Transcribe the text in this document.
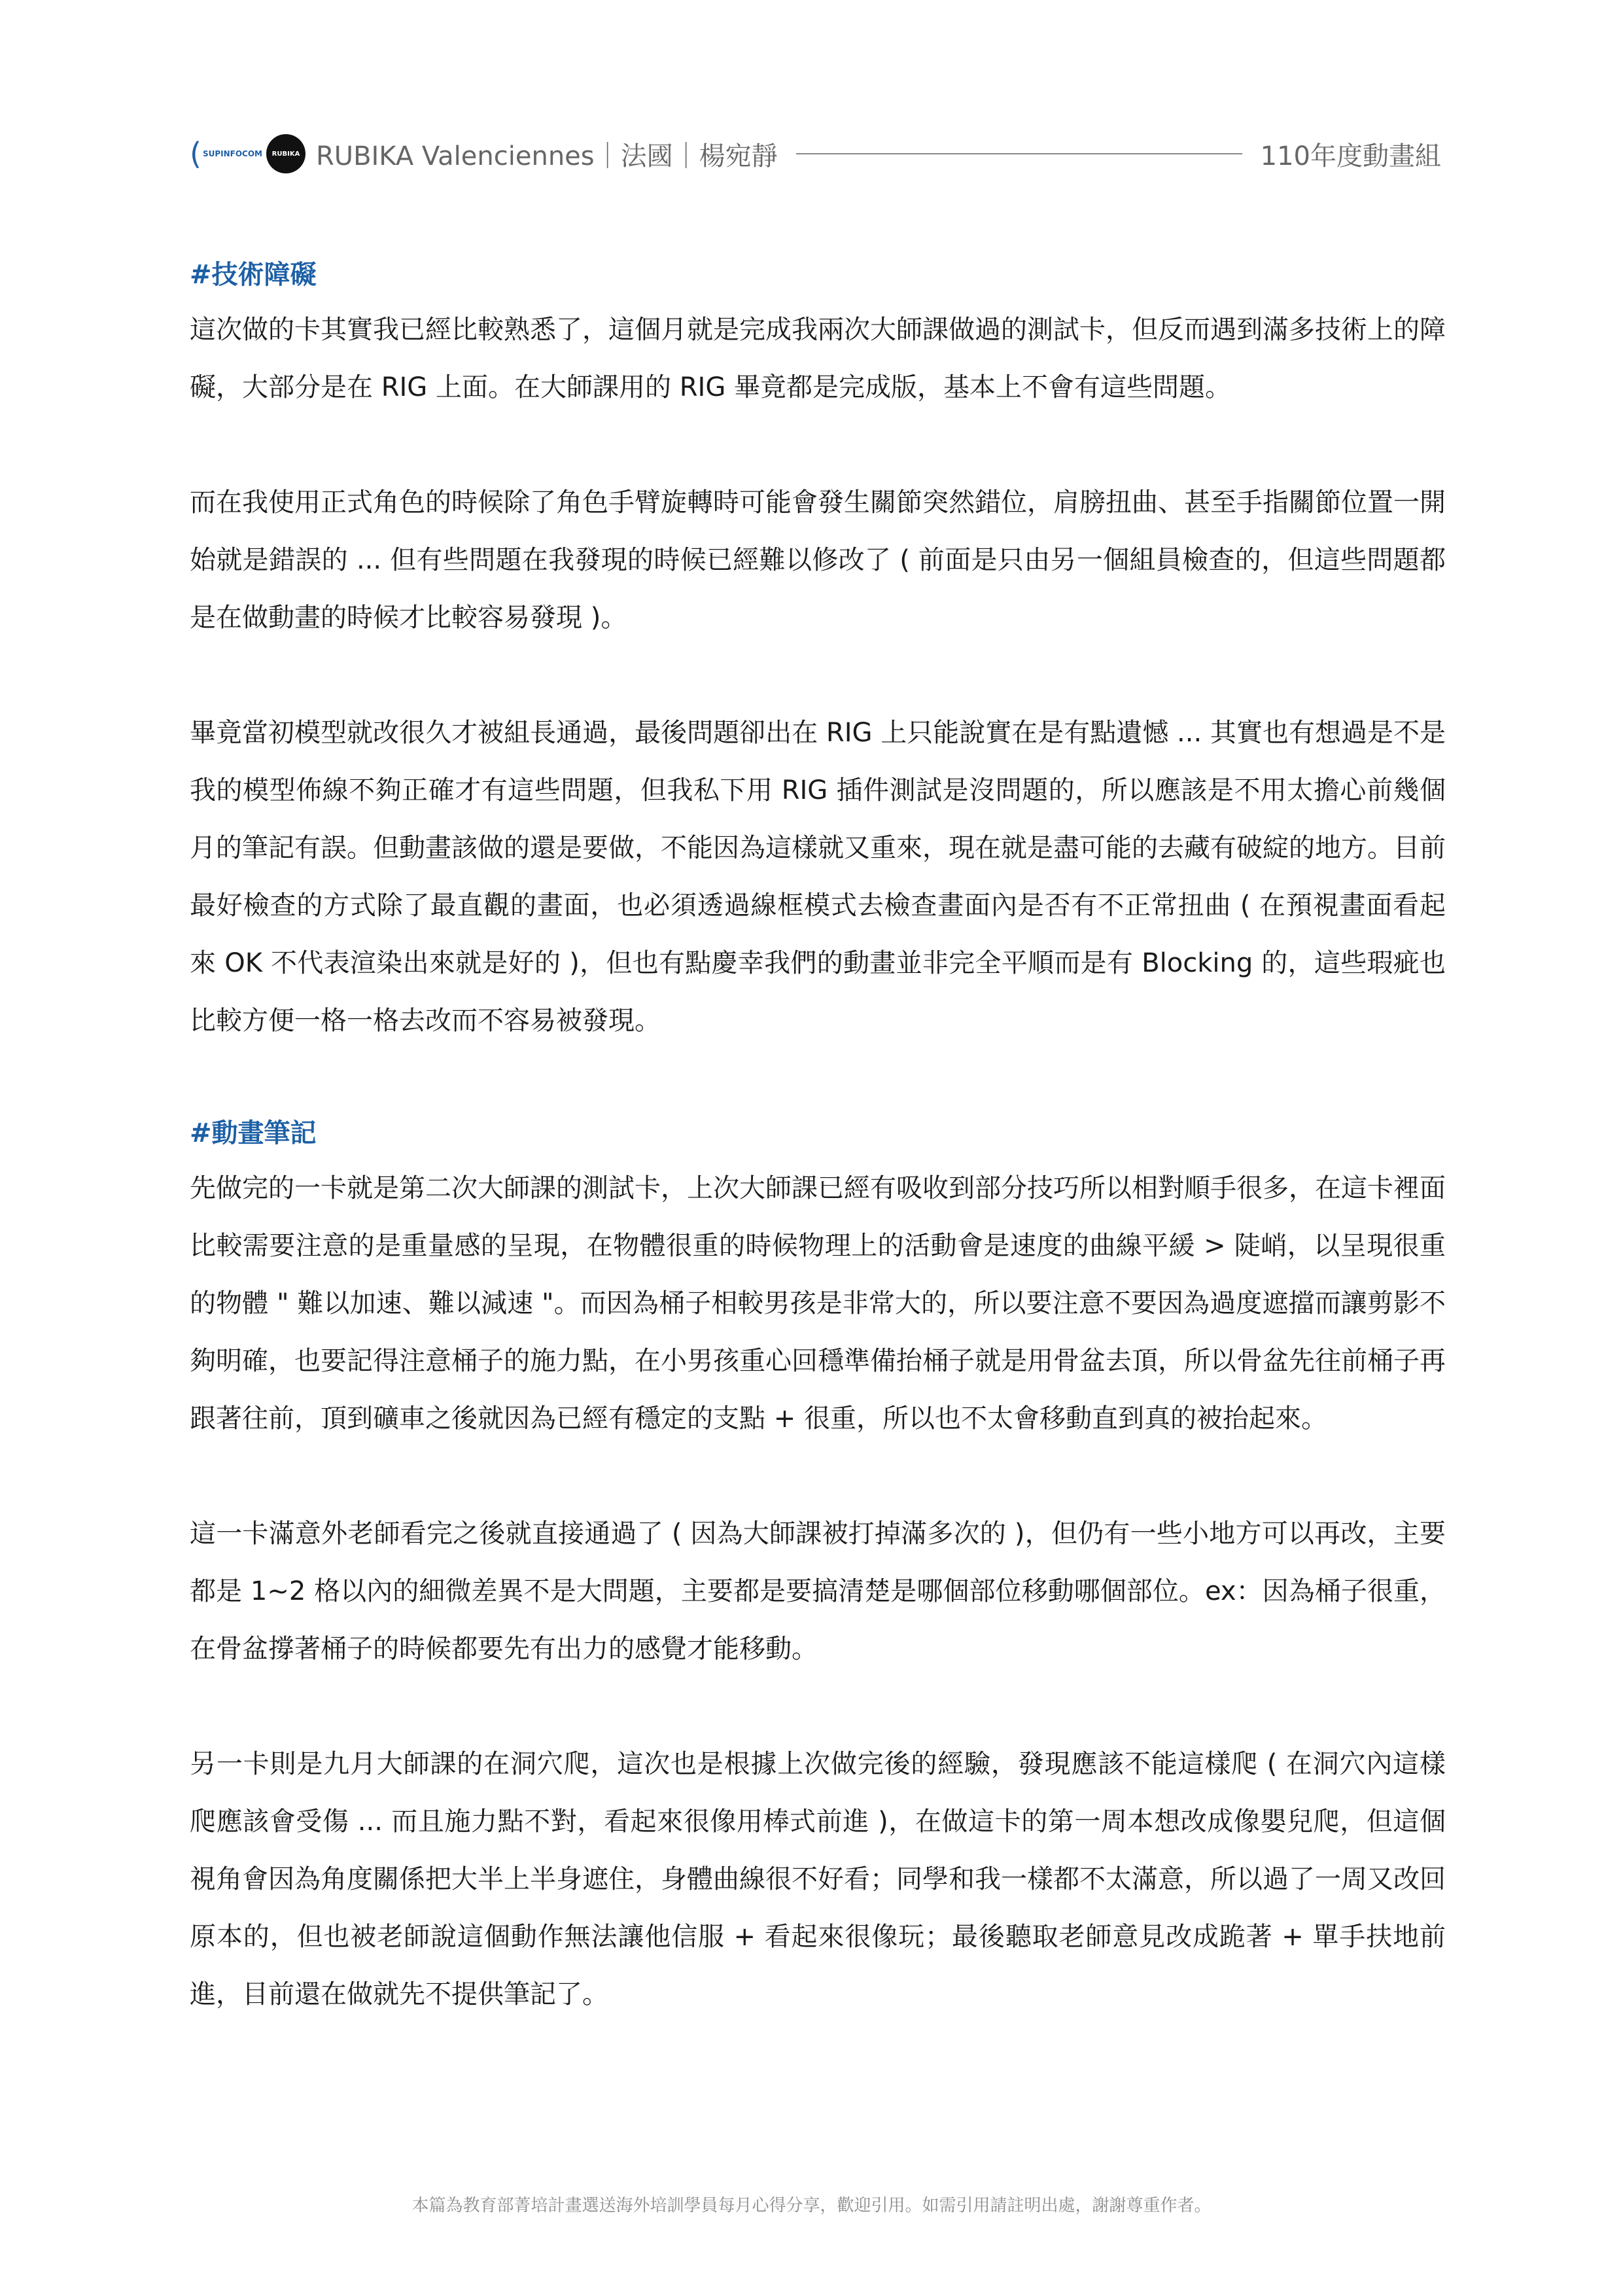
( SUPINFOCOM	RUBIKA RUBIKA Valenciennes｜法國｜楊宛靜	110年度動畫組
#技術障礙

這次做的卡其實我已經比較熟悉了，這個月就是完成我兩次大師課做過的測試卡，但反而遇到滿多技術上的障礙，大部分是在 RIG 上面。在大師課用的 RIG 畢竟都是完成版，基本上不會有這些問題。

而在我使用正式角色的時候除了角色手臂旋轉時可能會發生關節突然錯位，肩膀扭曲、甚至手指關節位置一開始就是錯誤的 ... 但有些問題在我發現的時候已經難以修改了 ( 前面是只由另一個組員檢查的，但這些問題都是在做動畫的時候才比較容易發現 )。

畢竟當初模型就改很久才被組長通過，最後問題卻出在 RIG 上只能說實在是有點遺憾 ... 其實也有想過是不是我的模型佈線不夠正確才有這些問題，但我私下用 RIG 插件測試是沒問題的，所以應該是不用太擔心前幾個月的筆記有誤。但動畫該做的還是要做，不能因為這樣就又重來，現在就是盡可能的去藏有破綻的地方。目前最好檢查的方式除了最直觀的畫面，也必須透過線框模式去檢查畫面內是否有不正常扭曲 ( 在預視畫面看起來 OK 不代表渲染出來就是好的 )，但也有點慶幸我們的動畫並非完全平順而是有 Blocking 的，這些瑕疵也比較方便一格一格去改而不容易被發現。

#動畫筆記

先做完的一卡就是第二次大師課的測試卡，上次大師課已經有吸收到部分技巧所以相對順手很多，在這卡裡面比較需要注意的是重量感的呈現，在物體很重的時候物理上的活動會是速度的曲線平緩 > 陡峭，以呈現很重的物體 " 難以加速、難以減速 "。而因為桶子相較男孩是非常大的，所以要注意不要因為過度遮擋而讓剪影不夠明確，也要記得注意桶子的施力點，在小男孩重心回穩準備抬桶子就是用骨盆去頂，所以骨盆先往前桶子再跟著往前，頂到礦車之後就因為已經有穩定的支點 + 很重，所以也不太會移動直到真的被抬起來。

這一卡滿意外老師看完之後就直接通過了 ( 因為大師課被打掉滿多次的 )，但仍有一些小地方可以再改，主要都是 1~2 格以內的細微差異不是大問題，主要都是要搞清楚是哪個部位移動哪個部位。ex：因為桶子很重，在骨盆撐著桶子的時候都要先有出力的感覺才能移動。

另一卡則是九月大師課的在洞穴爬，這次也是根據上次做完後的經驗，發現應該不能這樣爬 ( 在洞穴內這樣爬應該會受傷 ... 而且施力點不對，看起來很像用棒式前進 )，在做這卡的第一周本想改成像嬰兒爬，但這個視角會因為角度關係把大半上半身遮住，身體曲線很不好看；同學和我一樣都不太滿意，所以過了一周又改回原本的，但也被老師說這個動作無法讓他信服 + 看起來很像玩；最後聽取老師意見改成跪著 + 單手扶地前進，目前還在做就先不提供筆記了。

本篇為教育部菁培計畫選送海外培訓學員每月心得分享，歡迎引用。如需引用請註明出處，謝謝尊重作者。
